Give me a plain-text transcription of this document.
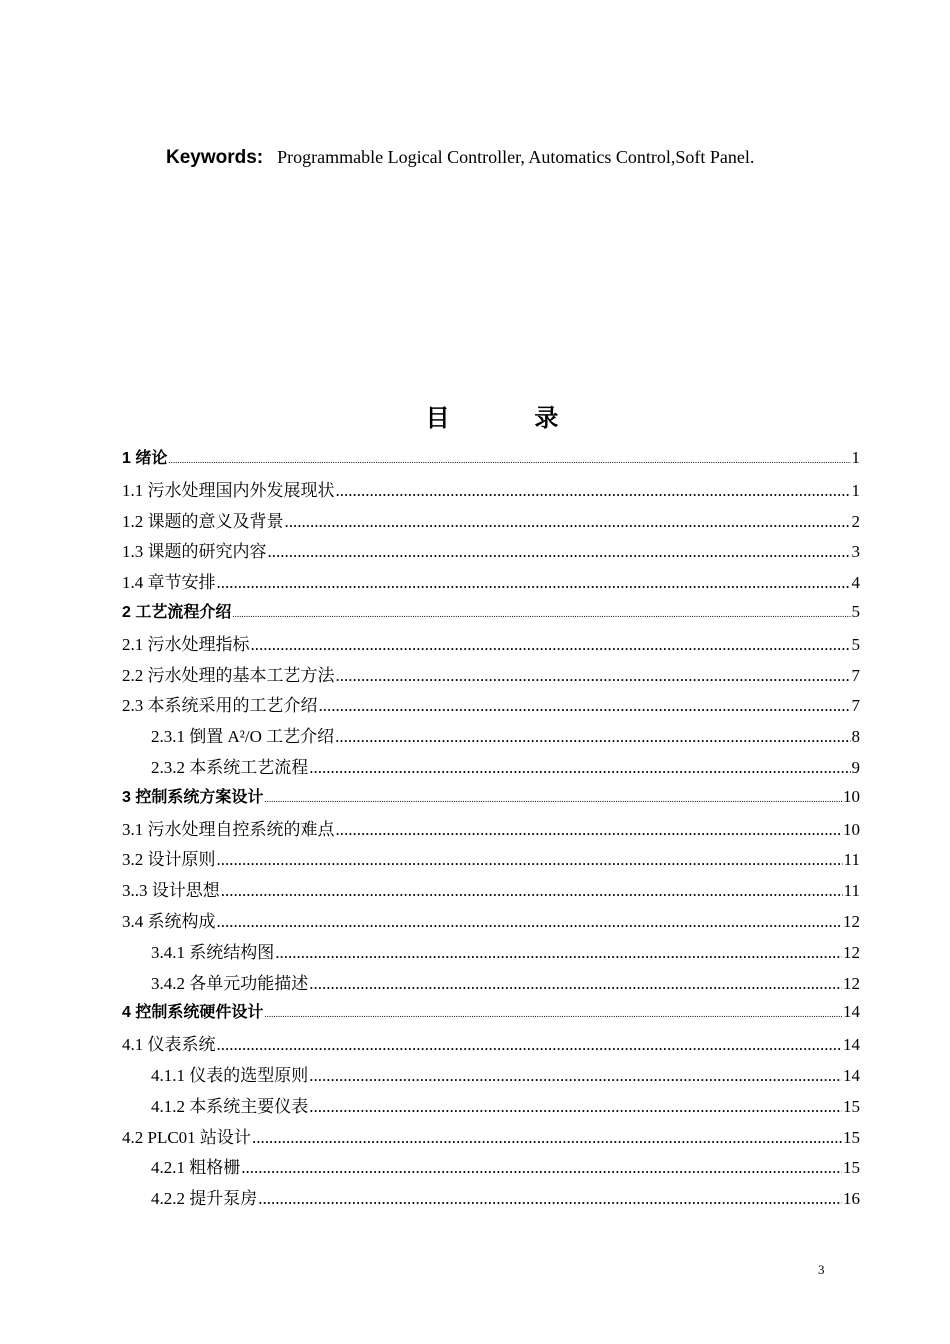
Keywords: Programmable Logical Controller, Automatics Control,Soft Panel.
目        录
1 绪论 .....	1
1.1 污水处理国内外发展现状 .....	1
1.2 课题的意义及背景 .....	2
1.3 课题的研究内容 .....	3
1.4 章节安排 .....	4
2 工艺流程介绍 .....	5
2.1 污水处理指标 .....	5
2.2 污水处理的基本工艺方法 .....	7
2.3 本系统采用的工艺介绍 .....	7
2.3.1 倒置 A²/O 工艺介绍 .....	8
2.3.2 本系统工艺流程 .....	9
3 控制系统方案设计 .....	10
3.1 污水处理自控系统的难点 .....	10
3.2 设计原则 .....	11
3..3 设计思想 .....	11
3.4 系统构成 .....	12
3.4.1 系统结构图 .....	12
3.4.2 各单元功能描述 .....	12
4 控制系统硬件设计 .....	14
4.1 仪表系统 .....	14
4.1.1 仪表的选型原则 .....	14
4.1.2 本系统主要仪表 .....	15
4.2 PLC01 站设计 .....	15
4.2.1 粗格栅 .....	15
4.2.2 提升泵房 .....	16
3
